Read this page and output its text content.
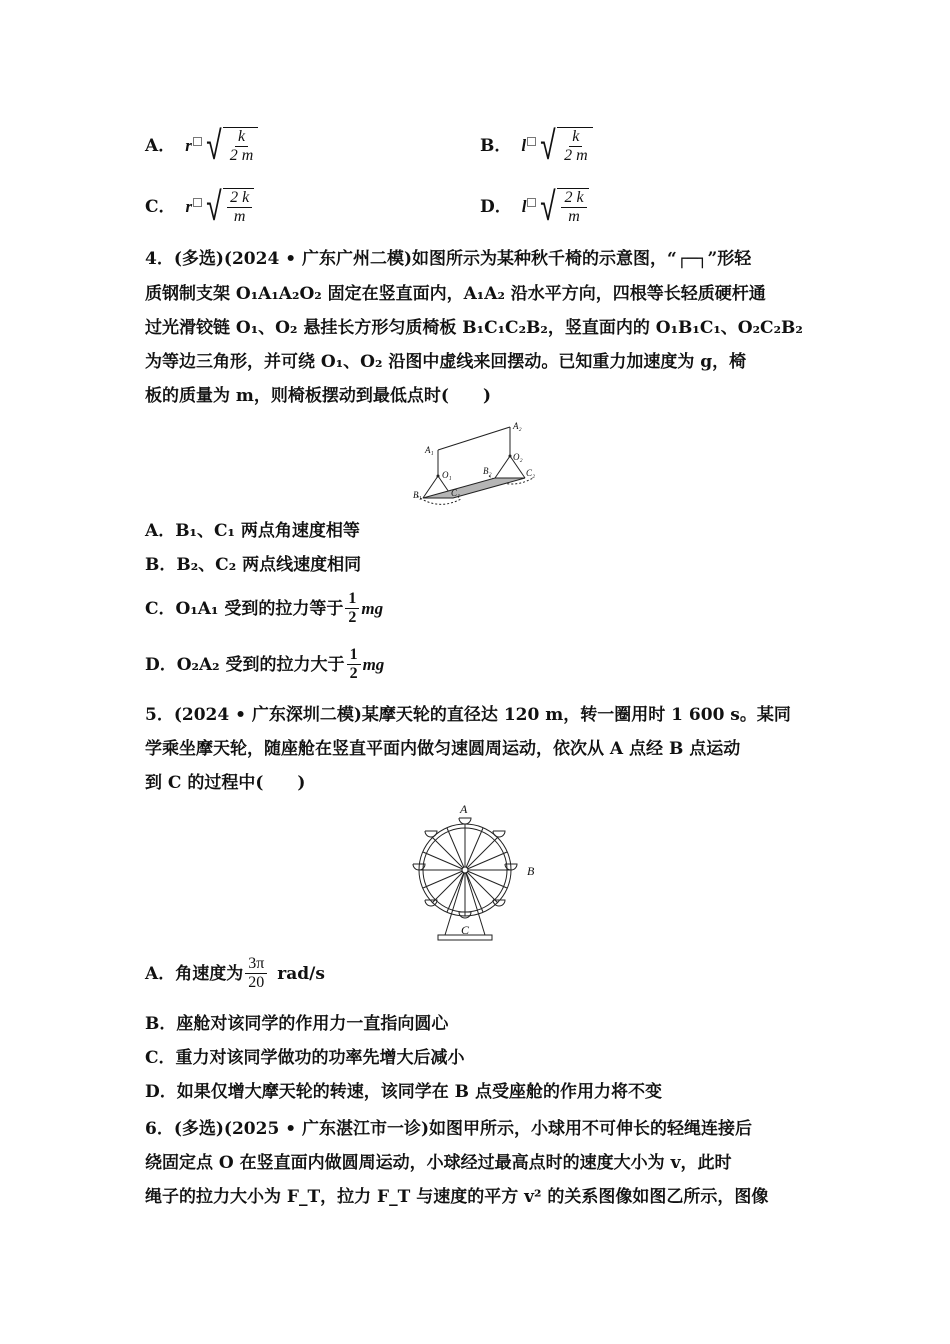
A． r √ $\frac{k}{2 m}$	B． l √ $\frac{k}{2 m}$
C． r √ $\frac{2 k}{m}$	D． l √ $\frac{2 k}{m}$
4．(多选)(2024 • 广东广州二模)如图所示为某种秋千椅的示意图，“┌─┐”形轻
质钢制支架 O₁A₁A₂O₂ 固定在竖直面内，A₁A₂ 沿水平方向，四根等长轻质硬杆通
过光滑铰链 O₁、O₂ 悬挂长方形匀质椅板 B₁C₁C₂B₂，竖直面内的 O₁B₁C₁、O₂C₂B₂
为等边三角形，并可绕 O₁、O₂ 沿图中虚线来回摆动。已知重力加速度为 g，椅
板的质量为 m，则椅板摆动到最低点时(　　)
A₁
A₂
O₁
O₂
B₁
B₂
C₁
C₂
A．B₁、C₁ 两点角速度相等
B．B₂、C₂ 两点线速度相同
C．O₁A₁ 受到的拉力等于 $\frac{1}{2}$ mg
D．O₂A₂ 受到的拉力大于 $\frac{1}{2}$ mg
5．(2024 • 广东深圳二模)某摩天轮的直径达 120 m，转一圈用时 1 600 s。某同
学乘坐摩天轮，随座舱在竖直平面内做匀速圆周运动，依次从 A 点经 B 点运动
到 C 的过程中(　　)
A
B
C
A．角速度为 $\frac{3\pi}{20} rad/s$
B．座舱对该同学的作用力一直指向圆心
C．重力对该同学做功的功率先增大后减小
D．如果仅增大摩天轮的转速，该同学在 B 点受座舱的作用力将不变
6．(多选)(2025 • 广东湛江市一诊)如图甲所示，小球用不可伸长的轻绳连接后
绕固定点 O 在竖直面内做圆周运动，小球经过最高点时的速度大小为 v，此时
绳子的拉力大小为 F_T，拉力 F_T 与速度的平方 v² 的关系图像如图乙所示，图像
